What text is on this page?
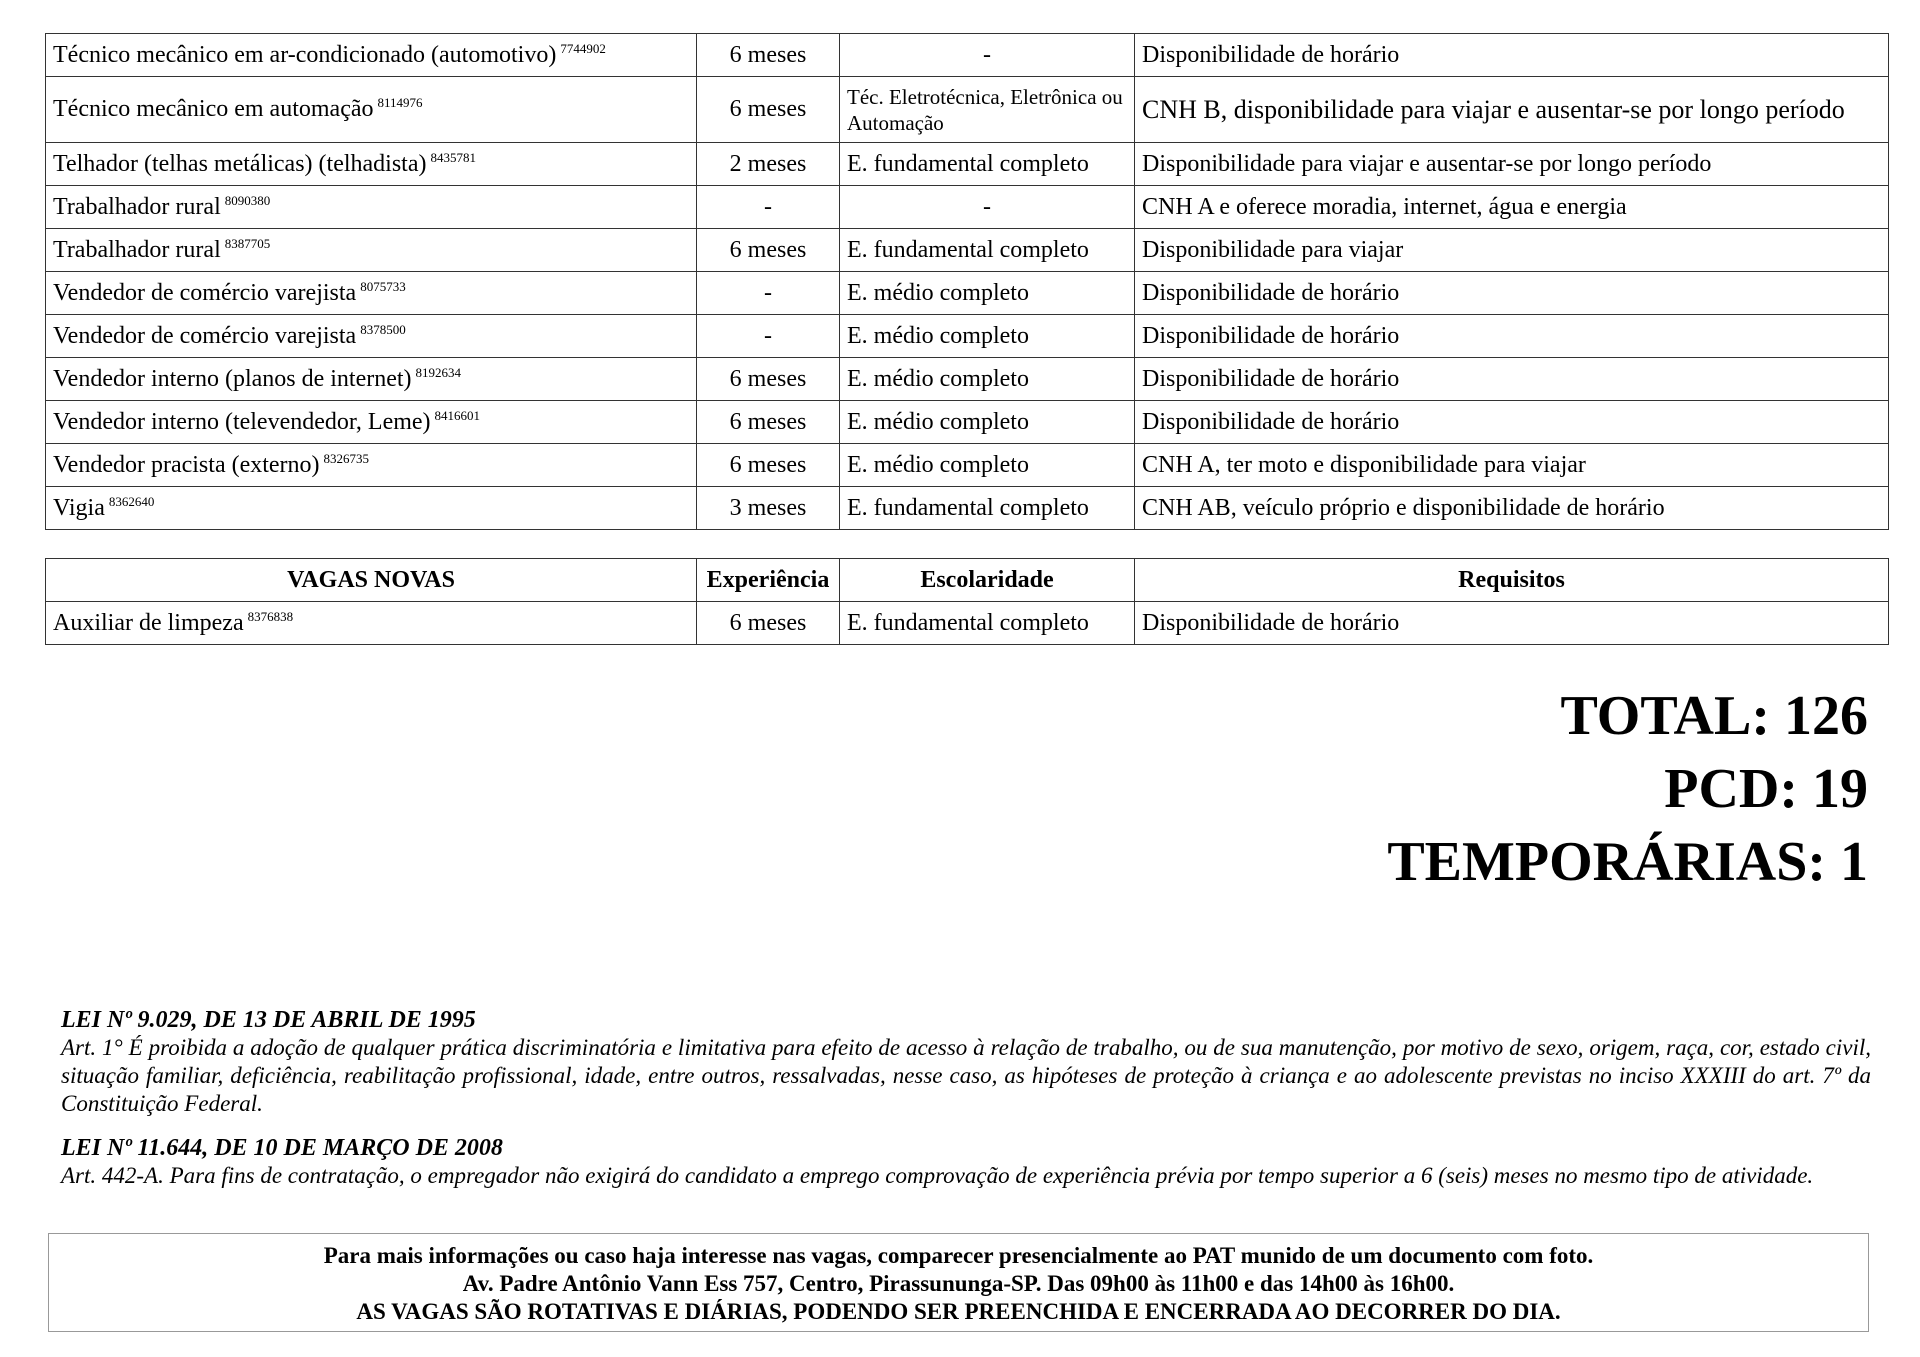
Técnico mecânico em ar-condicionado (automotivo) $^{7744902}$	6 meses	-	Disponibilidade de horário
Técnico mecânico em automação $^{8114976}$	6 meses	Téc. Eletrotécnica, Eletrônica ou Automação	CNH B, disponibilidade para viajar e ausentar-se por longo período
Telhador (telhas metálicas) (telhadista) $^{8435781}$	2 meses	E. fundamental completo	Disponibilidade para viajar e ausentar-se por longo período
Trabalhador rural $^{8090380}$	-	-	CNH A e oferece moradia, internet, água e energia
Trabalhador rural $^{8387705}$	6 meses	E. fundamental completo	Disponibilidade para viajar
Vendedor de comércio varejista $^{8075733}$	-	E. médio completo	Disponibilidade de horário
Vendedor de comércio varejista $^{8378500}$	-	E. médio completo	Disponibilidade de horário
Vendedor interno (planos de internet) $^{8192634}$	6 meses	E. médio completo	Disponibilidade de horário
Vendedor interno (televendedor, Leme) $^{8416601}$	6 meses	E. médio completo	Disponibilidade de horário
Vendedor pracista (externo) $^{8326735}$	6 meses	E. médio completo	CNH A, ter moto e disponibilidade para viajar
Vigia $^{8362640}$	3 meses	E. fundamental completo	CNH AB, veículo próprio e disponibilidade de horário
VAGAS NOVAS	Experiência	Escolaridade	Requisitos
Auxiliar de limpeza $^{8376838}$	6 meses	E. fundamental completo	Disponibilidade de horário
TOTAL: 126
PCD: 19
TEMPORÁRIAS: 1
LEI Nº 9.029, DE 13 DE ABRIL DE 1995
Art. 1° É proibida a adoção de qualquer prática discriminatória e limitativa para efeito de acesso à relação de trabalho, ou de sua manutenção, por motivo de sexo, origem, raça, cor, estado civil, situação familiar, deficiência, reabilitação profissional, idade, entre outros, ressalvadas, nesse caso, as hipóteses de proteção à criança e ao adolescente previstas no inciso XXXIII do art. 7º da Constituição Federal.
LEI Nº 11.644, DE 10 DE MARÇO DE 2008
Art. 442-A. Para fins de contratação, o empregador não exigirá do candidato a emprego comprovação de experiência prévia por tempo superior a 6 (seis) meses no mesmo tipo de atividade.
Para mais informações ou caso haja interesse nas vagas, comparecer presencialmente ao PAT munido de um documento com foto.
Av. Padre Antônio Vann Ess 757, Centro, Pirassununga-SP. Das 09h00 às 11h00 e das 14h00 às 16h00.
AS VAGAS SÃO ROTATIVAS E DIÁRIAS, PODENDO SER PREENCHIDA E ENCERRADA AO DECORRER DO DIA.
